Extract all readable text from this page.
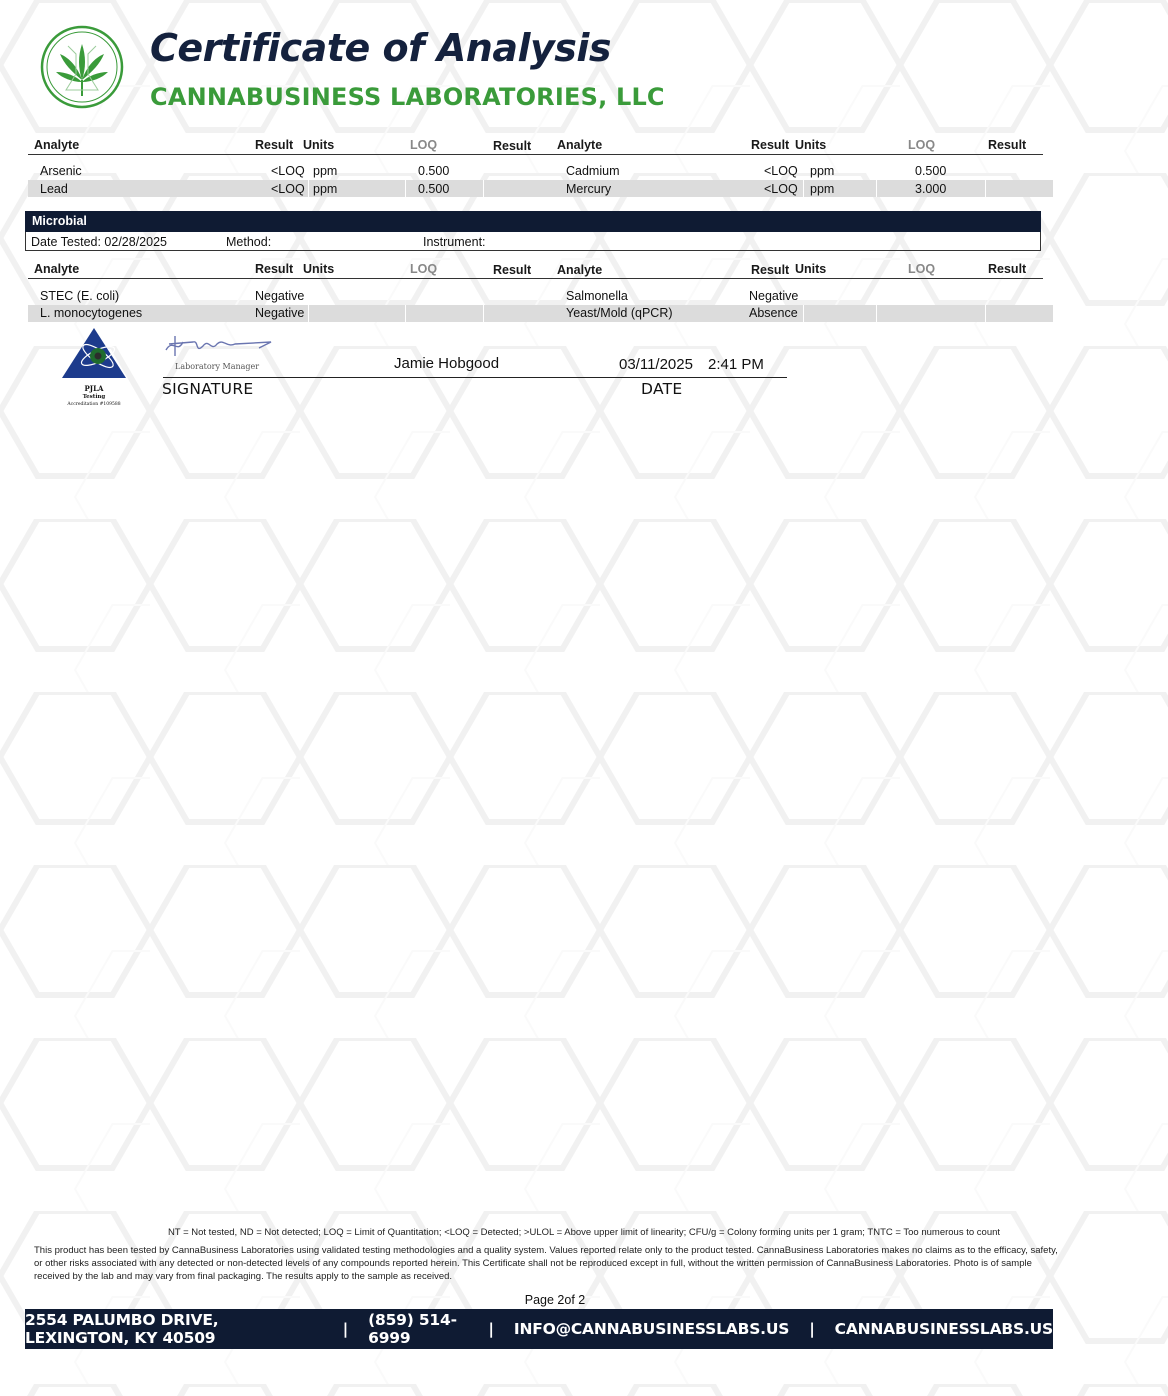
Certificate of Analysis
CANNABUSINESS LABORATORIES, LLC
Analyte	Result Units	LOQ	Result Analyte	Result Units	LOQ	Result
Arsenic	<LOQ ppm	0.500	Cadmium	<LOQ ppm	0.500
Lead	<LOQ ppm	0.500	Mercury	<LOQ ppm	3.000
Microbial
Date Tested: 02/28/2025	Method:	Instrument:
Analyte	Result Units	LOQ	Result Analyte	Result Units	LOQ	Result
STEC (E. coli)	Negative	Salmonella	Negative
L. monocytogenes	Negative	Yeast/Mold (qPCR)	Absence
PJLA
Testing
Accreditation #109588
Laboratory Manager	Jamie Hobgood	03/11/2025 2:41 PM
SIGNATURE	DATE
NT = Not tested, ND = Not detected; LOQ = Limit of Quantitation; <LOQ = Detected; >ULOL = Above upper limit of linearity; CFU/g = Colony forming units per 1 gram; TNTC = Too numerous to count
This product has been tested by CannaBusiness Laboratories using validated testing methodologies and a quality system. Values reported relate only to the product tested. CannaBusiness Laboratories makes no claims as to the efficacy, safety, or other risks associated with any detected or non-detected levels of any compounds reported herein. This Certificate shall not be reproduced except in full, without the written permission of CannaBusiness Laboratories. Photo is of sample received by the lab and may vary from final packaging. The results apply to the sample as received.
Page 2of 2
2554 PALUMBO DRIVE, LEXINGTON, KY 40509	|	(859) 514-6999	|	INFO@CANNABUSINESSLABS.US	|	CANNABUSINESSLABS.US
